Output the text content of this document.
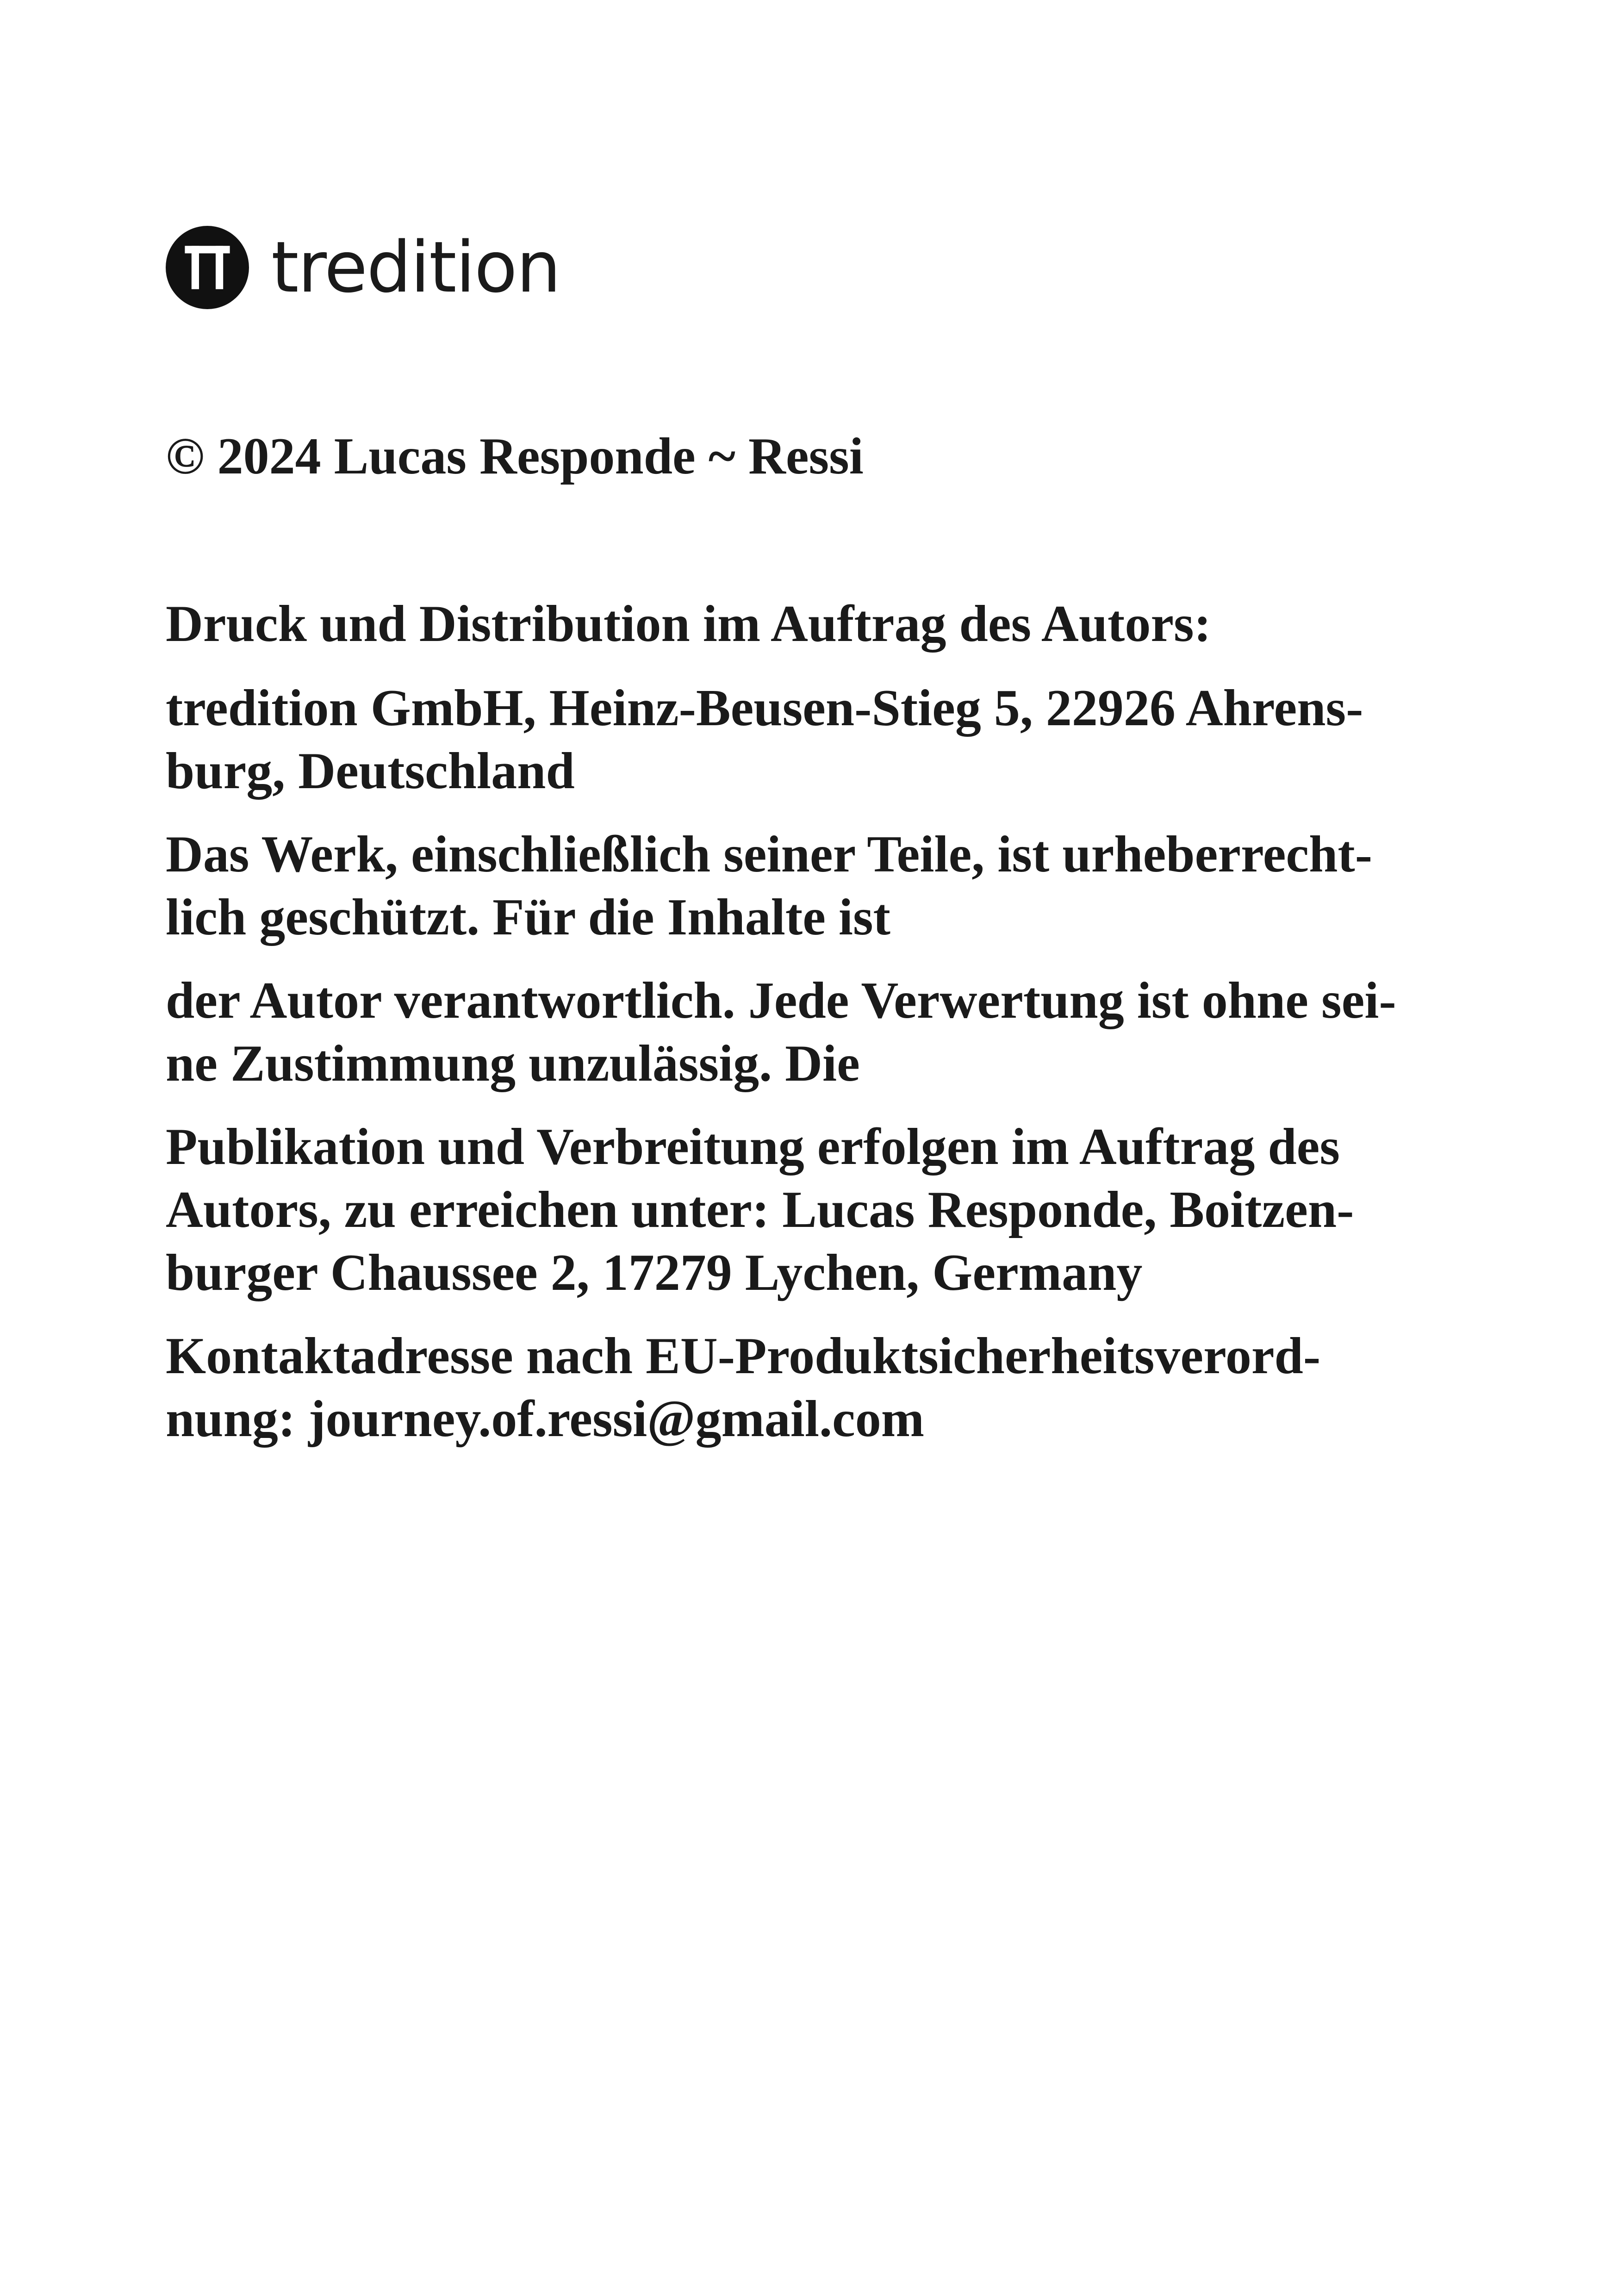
tredition
© 2024 Lucas Responde ~ Ressi
Druck und Distribution im Auftrag des Autors:
tredition GmbH, Heinz-Beusen-Stieg 5, 22926 Ahrens-
burg, Deutschland
Das Werk, einschließlich seiner Teile, ist urheberrecht-
lich geschützt. Für die Inhalte ist
der Autor verantwortlich. Jede Verwertung ist ohne sei-
ne Zustimmung unzulässig. Die
Publikation und Verbreitung erfolgen im Auftrag des
Autors, zu erreichen unter: Lucas Responde, Boitzen-
burger Chaussee 2, 17279 Lychen, Germany
Kontaktadresse nach EU-Produktsicherheitsverord-
nung: journey.of.ressi@gmail.com
